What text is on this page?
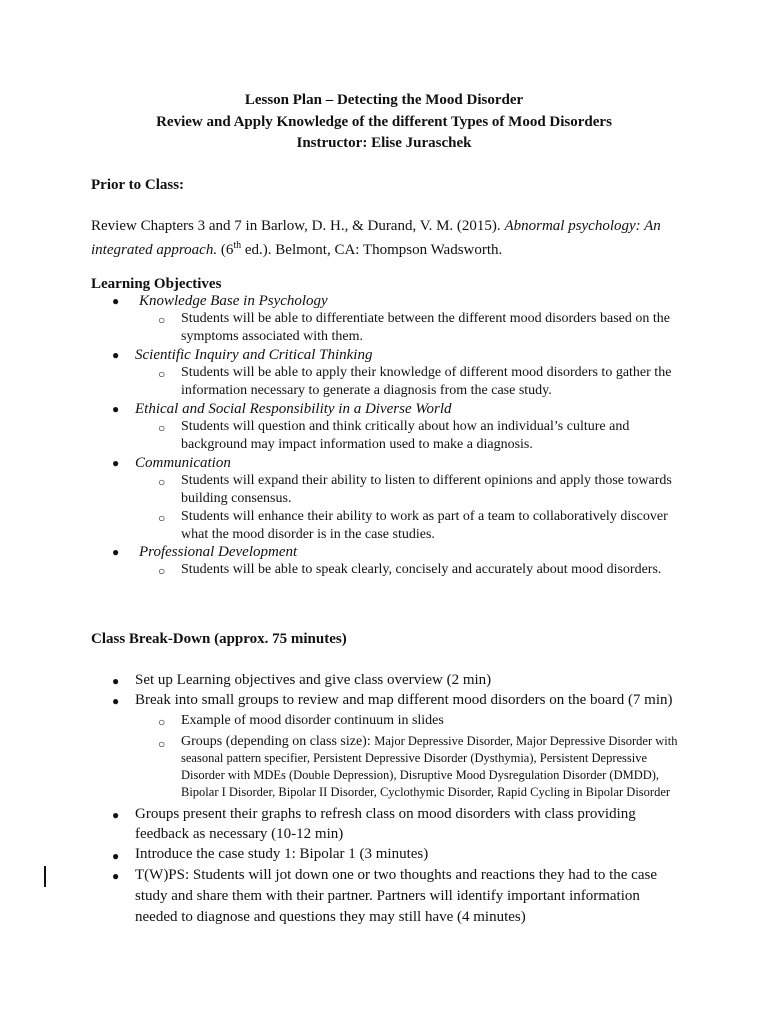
Lesson Plan – Detecting the Mood Disorder
Review and Apply Knowledge of the different Types of Mood Disorders
Instructor: Elise Juraschek
Prior to Class:
Review Chapters 3 and 7 in Barlow, D. H., & Durand, V. M. (2015). Abnormal psychology: An integrated approach. (6th ed.). Belmont, CA: Thompson Wadsworth.
Learning Objectives
● Knowledge Base in Psychology
○ Students will be able to differentiate between the different mood disorders based on the symptoms associated with them.
● Scientific Inquiry and Critical Thinking
○ Students will be able to apply their knowledge of different mood disorders to gather the information necessary to generate a diagnosis from the case study.
● Ethical and Social Responsibility in a Diverse World
○ Students will question and think critically about how an individual’s culture and background may impact information used to make a diagnosis.
● Communication
○ Students will expand their ability to listen to different opinions and apply those towards building consensus.
○ Students will enhance their ability to work as part of a team to collaboratively discover what the mood disorder is in the case studies.
● Professional Development
○ Students will be able to speak clearly, concisely and accurately about mood disorders.
Class Break-Down (approx. 75 minutes)
● Set up Learning objectives and give class overview (2 min)
● Break into small groups to review and map different mood disorders on the board (7 min)
○ Example of mood disorder continuum in slides
○ Groups (depending on class size): Major Depressive Disorder, Major Depressive Disorder with seasonal pattern specifier, Persistent Depressive Disorder (Dysthymia), Persistent Depressive Disorder with MDEs (Double Depression), Disruptive Mood Dysregulation Disorder (DMDD), Bipolar I Disorder, Bipolar II Disorder, Cyclothymic Disorder, Rapid Cycling in Bipolar Disorder
● Groups present their graphs to refresh class on mood disorders with class providing feedback as necessary (10-12 min)
● Introduce the case study 1: Bipolar 1 (3 minutes)
● T(W)PS: Students will jot down one or two thoughts and reactions they had to the case study and share them with their partner. Partners will identify important information needed to diagnose and questions they may still have (4 minutes)
